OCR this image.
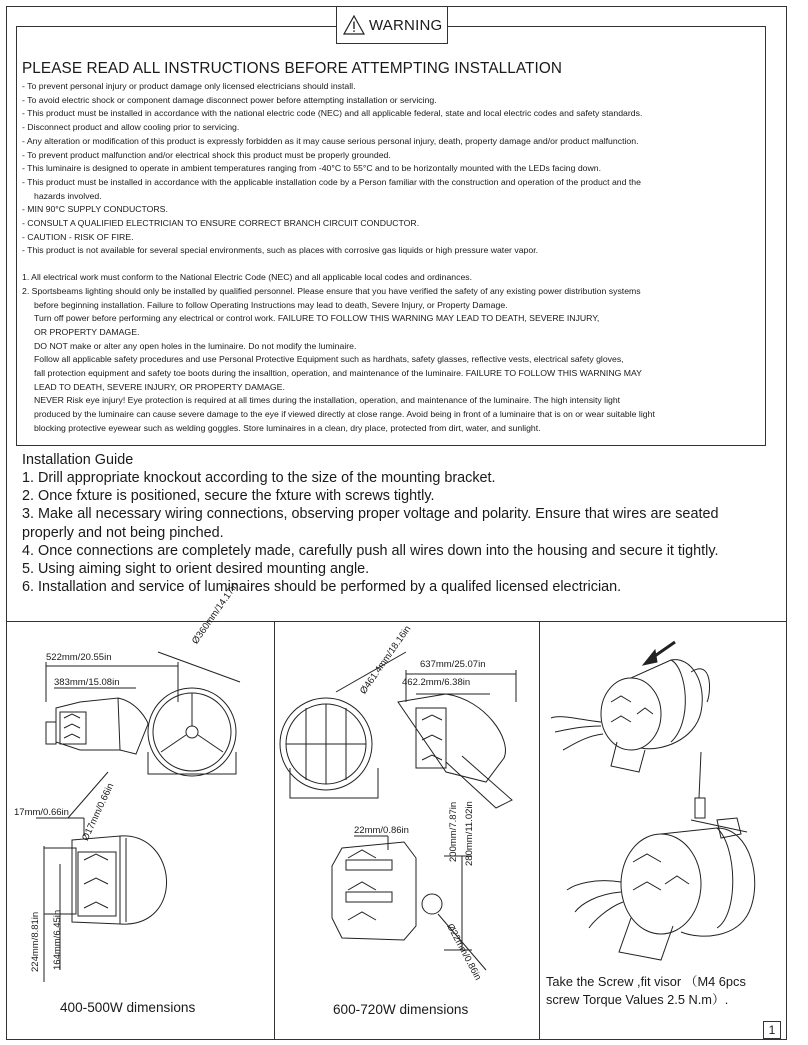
WARNING
PLEASE READ ALL INSTRUCTIONS BEFORE ATTEMPTING INSTALLATION

- To prevent personal injury or product damage only licensed electricians should install.

- To avoid electric shock or component damage disconnect power before attempting installation or servicing.

- This product must be installed in accordance with the national electric code (NEC) and all applicable federal, state and local electric codes and safety standards.

- Disconnect product and allow cooling prior to servicing.

- Any alteration or modification of this product is expressly forbidden as it may cause serious personal injury, death, property damage and/or product malfunction.

- To prevent product malfunction and/or electrical shock this product must be properly grounded.

- This luminaire is designed to operate in ambient temperatures ranging from -40°C to 55°C and to be horizontally mounted with the LEDs facing down.

- This product must be installed in accordance with the applicable installation code by a Person familiar with the construction and operation of the product and the

hazards involved.

- MIN 90°C SUPPLY CONDUCTORS.

- CONSULT A QUALIFIED ELECTRICIAN TO ENSURE CORRECT BRANCH CIRCUIT CONDUCTOR.

- CAUTION - RISK OF FIRE.

- This product is not available for several special environments, such as places with corrosive gas liquids or high pressure water vapor.

1. All electrical work must conform to the National Electric Code (NEC) and all applicable local codes and ordinances.

2. Sportsbeams lighting should only be installed by qualified personnel. Please ensure that you have verified the safety of any existing power distribution systems

before beginning installation. Failure to follow Operating Instructions may lead to death, Severe Injury, or Property Damage.

Turn off power before performing any electrical or control work. FAILURE TO FOLLOW THIS WARNING MAY LEAD TO DEATH, SEVERE INJURY,

OR PROPERTY DAMAGE.

DO NOT make or alter any open holes in the luminaire. Do not modify the luminaire.

Follow all applicable safety procedures and use Personal Protective Equipment such as hardhats, safety glasses, reflective vests, electrical safety gloves,

fall protection equipment and safety toe boots during the insalltion, operation, and maintenance of the luminaire. FAILURE TO FOLLOW THIS WARNING MAY

LEAD TO DEATH, SEVERE INJURY, OR PROPERTY DAMAGE.

NEVER Risk eye injury! Eye protection is required at all times during the installation, operation, and maintenance of the luminaire. The high intensity light

produced by the luminaire can cause severe damage to the eye if viewed directly at close range. Avoid being in front of a luminaire that is on or wear suitable light

blocking protective eyewear such as welding goggles. Store luminaires in a clean, dry place, protected from dirt, water, and sunlight.

Installation Guide

1. Drill appropriate knockout according to the size of the mounting bracket.

2. Once fxture is positioned, secure the fxture with screws tightly.

3. Make all necessary wiring connections, observing proper voltage and polarity. Ensure that wires are seated

properly and not being pinched.

4. Once connections are completely made, carefully push all wires down into the housing and secure it tightly.

5. Using aiming sight to orient desired mounting angle.

6. Installation and service of luminaires should be performed by a qualifed licensed electrician.

522mm/20.55in
383mm/15.08in
Ø360mm/14.17in
17mm/0.66in Ø17mm/0.66in
224mm/8.81in 164mm/6.45in
400-500W dimensions
637mm/25.07in
462.2mm/6.38in
Ø461.4mm/18.16in
22mm/0.86in	200mm/7.87in 280mm/11.02in
Ø22mm/0.86in
600-720W dimensions
Take the Screw ,fit visor （M4 6pcs
screw Torque Values 2.5 N.m）.
1
